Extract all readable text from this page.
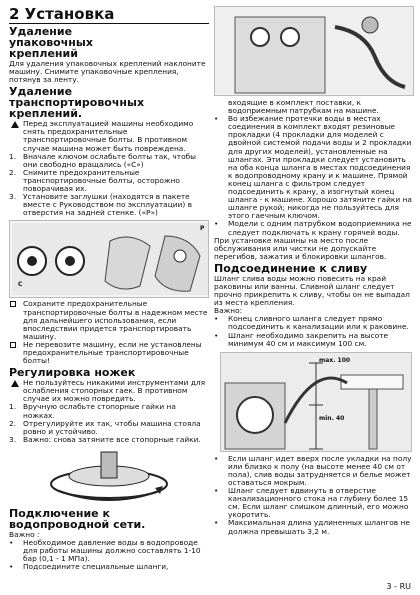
2 Установка
Удаление упаковочных креплений

Для удаления упаковочных креплений наклоните машину. Снимите упаковочные крепления, потянув за ленту.

Удаление транспортировочных креплений.
Перед эксплуатацией машины необходимо снять предохранительные транспортировочные болты. В противном случае машина может быть повреждена.
1. Вначале ключом ослабьте болты так, чтобы они свободно вращались («С»)
2. Снимите предохранительные транспортировочные болты, осторожно поворачивая их.
3. Установите заглушки (находятся в пакете вместе с Руководством по эксплуатации) в отверстия на задней стенке. («Р»)
C
P
Сохраните предохранительные транспортировочные болты в надежном месте для дальнейшего использования, если впоследствии придется транспортировать машину.
Не перевозите машину, если не установлены предохранительные транспортировочные болты!
Регулировка ножек
Не пользуйтесь никакими инструментами для ослабления стопорных гаек. В противном случае их можно повредить.
1. Вручную ослабьте стопорные гайки на ножках.
2. Отрегулируйте их так, чтобы машина стояла ровно и устойчиво.
3. Важно: снова затяните все стопорные гайки.
Подключение к водопроводной сети.

Важно :

• Необходимое давление воды в водопроводе для работы машины должно составлять 1-10 бар (0,1 - 1 МПа).
• Подсоедините специальные шланги,

входящие в комплект поставки, к водоприемным патрубкам на машине.

• Во избежание протечки воды в местах соединения в комплект входят резиновые прокладки (4 прокладки для моделей с двойной системой подачи воды и 2 прокладки для других моделей), установленные на шлангах. Эти прокладки следует установить на оба конца шланга в местах подсоединения к водопроводному крану и к машине. Прямой конец шланга с фильтром следует подсоединить к крану, а изогнутый конец шланга - к машине. Хорошо затяните гайки на шланге рукой; никогда не пользуйтесь для этого гаечным ключом.
• Модели с одним патрубком водоприемника не следует подключать к крану горячей воды.

При установке машины на место после обслуживания или чистки не допускайте перегибов, зажатия и блокировки шлангов.

Подсоединение к сливу

Шланг слива воды можно повесить на край раковины или ванны. Сливной шланг следует прочно прикрепить к сливу, чтобы он не выпадал из места крепления.

Важно:

• Конец сливного шланга следует прямо подсоединить к канализации или к раковине.
• Шланг необходимо закрепить на высоте минимум 40 см и максимум 100 см.
max. 100
min. 40
• Если шланг идет вверх после укладки на полу или близко к полу (на высоте менее 40 см от пола), слив воды затрудняется и белье может оставаться мокрым.
• Шланг следует вдвинуть в отверстие канализационного стока на глубину более 15 см. Если шланг слишком длинный, его можно укоротить.
• Максимальная длина удлиненных шлангов не должна превышать 3,2 м.
3 - RU
